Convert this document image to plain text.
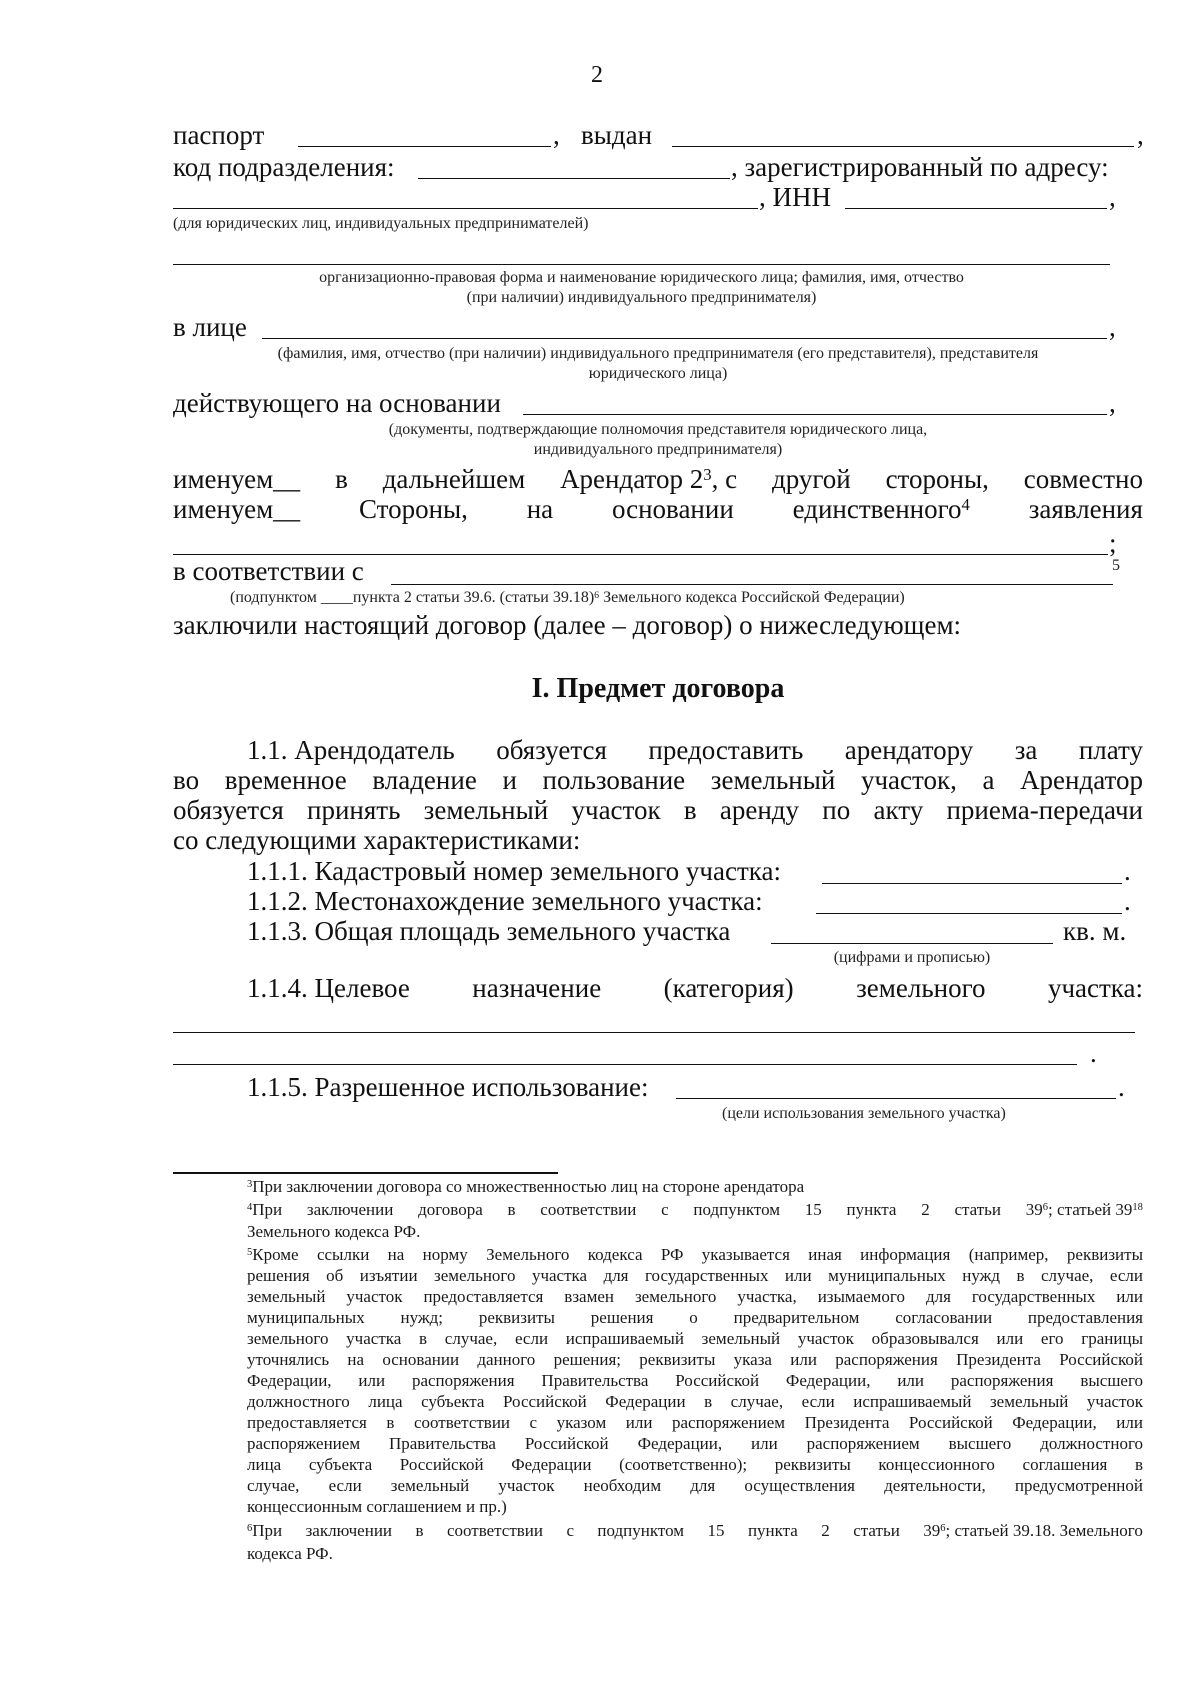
2
паспорт	, выдан	,
код подразделения:	, зарегистрированный по адресу:
, ИНН	,
(для юридических лиц, индивидуальных предпринимателей)
организационно-правовая форма и наименование юридического лица; фамилия, имя, отчество
(при наличии) индивидуального предпринимателя)
в лице	,
(фамилия, имя, отчество (при наличии) индивидуального предпринимателя (его представителя), представителя
юридического лица)
действующего на основании	,
(документы, подтверждающие полномочия представителя юридического лица,
индивидуального предпринимателя)
именуем__ в дальнейшем Арендатор $2^3$, с другой стороны, совместно
именуем__ Стороны, на основании единственного$^4$ заявления
;
в соответствии с	5
(подпунктом ____пункта 2 статьи 39.6. (статьи 39.18)$^6$ Земельного кодекса Российской Федерации)
заключили настоящий договор (далее – договор) о нижеследующем:
I. Предмет договора
1.1. Арендодатель обязуется предоставить арендатору за плату
во временное владение и пользование земельный участок, а Арендатор
обязуется принять земельный участок в аренду по акту приема-передачи
со следующими характеристиками:
1.1.1. Кадастровый номер земельного участка:	.
1.1.2. Местонахождение земельного участка:	.
1.1.3. Общая площадь земельного участка	кв. м.
(цифрами и прописью)
1.1.4. Целевое назначение (категория) земельного участка:
.
1.1.5. Разрешенное использование:	.
(цели использования земельного участка)
$^3$При заключении договора со множественностью лиц на стороне арендатора
$^4$При заключении договора в соответствии с подпунктом 15 пункта 2 статьи $39^6$; статьей $39^{18}$
Земельного кодекса РФ.
$^5$Кроме ссылки на норму Земельного кодекса РФ указывается иная информация (например, реквизиты
решения об изъятии земельного участка для государственных или муниципальных нужд в случае, если
земельный участок предоставляется взамен земельного участка, изымаемого для государственных или
муниципальных нужд; реквизиты решения о предварительном согласовании предоставления
земельного участка в случае, если испрашиваемый земельный участок образовывался или его границы
уточнялись на основании данного решения; реквизиты указа или распоряжения Президента Российской
Федерации, или распоряжения Правительства Российской Федерации, или распоряжения высшего
должностного лица субъекта Российской Федерации в случае, если испрашиваемый земельный участок
предоставляется в соответствии с указом или распоряжением Президента Российской Федерации, или
распоряжением Правительства Российской Федерации, или распоряжением высшего должностного
лица субъекта Российской Федерации (соответственно); реквизиты концессионного соглашения в
случае, если земельный участок необходим для осуществления деятельности, предусмотренной
концессионным соглашением и пр.)
$^6$При заключении в соответствии с подпунктом 15 пункта 2 статьи $39^6$; статьей 39.18. Земельного
кодекса РФ.
